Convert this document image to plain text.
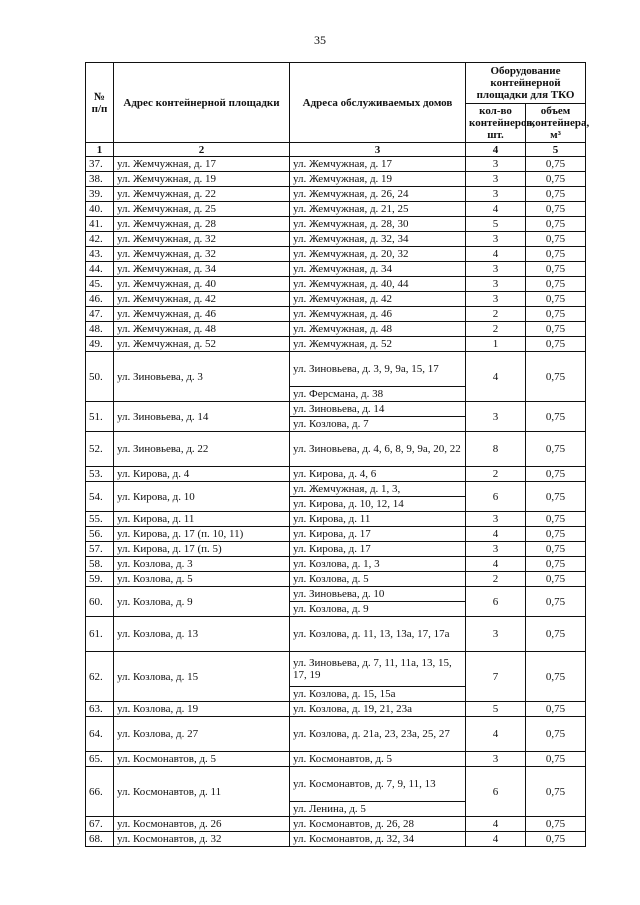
35
№ п/п	Адрес контейнерной площадки	Адреса обслуживаемых домов	Оборудование контейнерной площадки для ТКО	
			кол-во контейнеров, шт.	объем контейнера, м³
1	2	3	4	5
37.	ул. Жемчужная, д. 17	ул. Жемчужная, д. 17	3	0,75
38.	ул. Жемчужная, д. 19	ул. Жемчужная, д. 19	3	0,75
39.	ул. Жемчужная, д. 22	ул. Жемчужная, д. 26, 24	3	0,75
40.	ул. Жемчужная, д. 25	ул. Жемчужная, д. 21, 25	4	0,75
41.	ул. Жемчужная, д. 28	ул. Жемчужная, д. 28, 30	5	0,75
42.	ул. Жемчужная, д. 32	ул. Жемчужная, д. 32, 34	3	0,75
43.	ул. Жемчужная, д. 32	ул. Жемчужная, д. 20, 32	4	0,75
44.	ул. Жемчужная, д. 34	ул. Жемчужная, д. 34	3	0,75
45.	ул. Жемчужная, д. 40	ул. Жемчужная, д. 40, 44	3	0,75
46.	ул. Жемчужная, д. 42	ул. Жемчужная, д. 42	3	0,75
47.	ул. Жемчужная, д. 46	ул. Жемчужная, д. 46	2	0,75
48.	ул. Жемчужная, д. 48	ул. Жемчужная, д. 48	2	0,75
49.	ул. Жемчужная, д. 52	ул. Жемчужная, д. 52	1	0,75
50.	ул. Зиновьева, д. 3	ул. Зиновьева, д. 3, 9, 9а, 15, 17	4	0,75
		ул. Ферсмана, д. 38		
51.	ул. Зиновьева, д. 14	ул. Зиновьева, д. 14	3	0,75
		ул. Козлова, д. 7		
52.	ул. Зиновьева, д. 22	ул. Зиновьева, д. 4, 6, 8, 9, 9а, 20, 22	8	0,75
53.	ул. Кирова, д. 4	ул. Кирова, д. 4, 6	2	0,75
54.	ул. Кирова, д. 10	ул. Жемчужная, д. 1, 3,	6	0,75
		ул. Кирова, д. 10, 12, 14		
55.	ул. Кирова, д. 11	ул. Кирова, д. 11	3	0,75
56.	ул. Кирова, д. 17 (п. 10, 11)	ул. Кирова, д. 17	4	0,75
57.	ул. Кирова, д. 17 (п. 5)	ул. Кирова, д. 17	3	0,75
58.	ул. Козлова, д. 3	ул. Козлова, д. 1, 3	4	0,75
59.	ул. Козлова, д. 5	ул. Козлова, д. 5	2	0,75
60.	ул. Козлова, д. 9	ул. Зиновьева, д. 10	6	0,75
		ул. Козлова, д. 9		
61.	ул. Козлова, д. 13	ул. Козлова, д. 11, 13, 13а, 17, 17а	3	0,75
62.	ул. Козлова, д. 15	ул. Зиновьева, д. 7, 11, 11а, 13, 15, 17, 19	7	0,75
		ул. Козлова, д. 15, 15а		
63.	ул. Козлова, д. 19	ул. Козлова, д. 19, 21, 23а	5	0,75
64.	ул. Козлова, д. 27	ул. Козлова, д. 21а, 23, 23а, 25, 27	4	0,75
65.	ул. Космонавтов, д. 5	ул. Космонавтов, д. 5	3	0,75
66.	ул. Космонавтов, д. 11	ул. Космонавтов, д. 7, 9, 11, 13	6	0,75
		ул. Ленина, д. 5		
67.	ул. Космонавтов, д. 26	ул. Космонавтов, д. 26, 28	4	0,75
68.	ул. Космонавтов, д. 32	ул. Космонавтов, д. 32, 34	4	0,75
